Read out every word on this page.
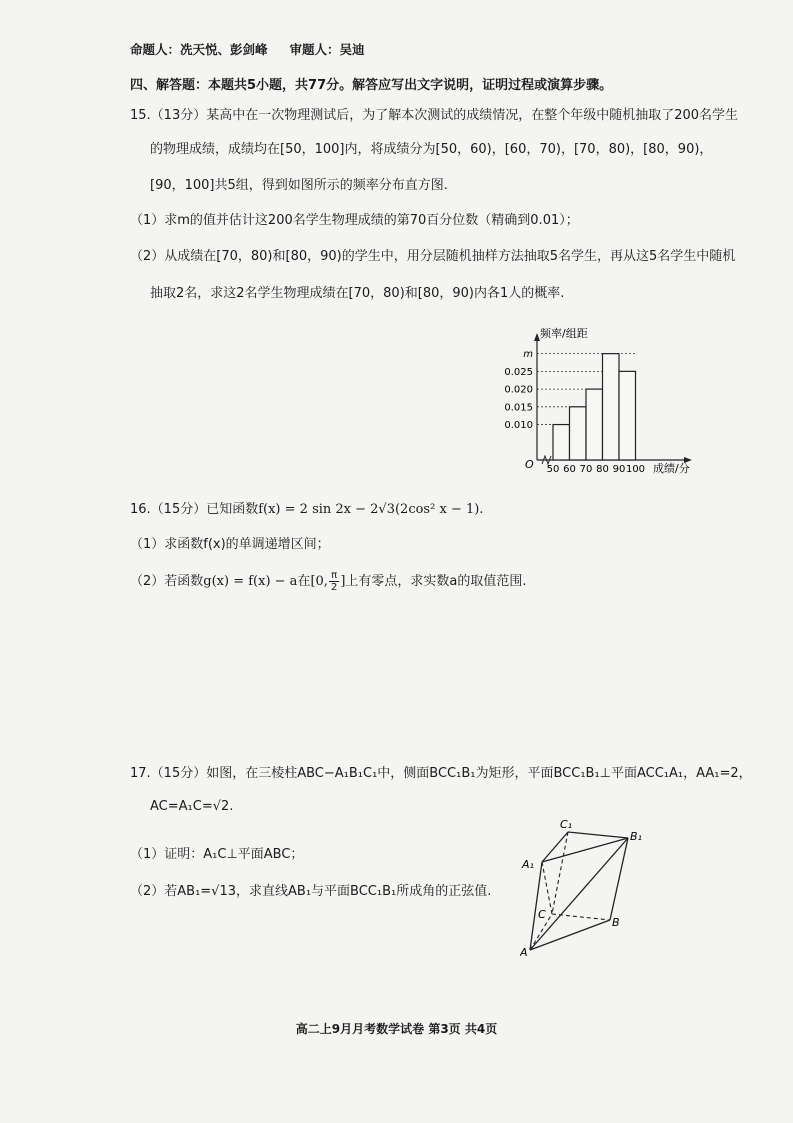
命题人：冼天悦、彭剑峰 审题人：吴迪
四、解答题：本题共5小题，共77分。解答应写出文字说明，证明过程或演算步骤。
15.（13分）某高中在一次物理测试后，为了解本次测试的成绩情况，在整个年级中随机抽取了200名学生
的物理成绩，成绩均在[50，100]内，将成绩分为[50，60)，[60，70)，[70，80)，[80，90)，
[90，100]共5组，得到如图所示的频率分布直方图.
（1）求m的值并估计这200名学生物理成绩的第70百分位数（精确到0.01）；
（2）从成绩在[70，80)和[80，90)的学生中，用分层随机抽样方法抽取5名学生，再从这5名学生中随机
抽取2名，求这2名学生物理成绩在[70，80)和[80，90)内各1人的概率.
0.010
0.015
0.020
0.025
m
50 60 70 80 90 100
频率/组距
成绩/分
O
16.（15分）已知函数f(x) = 2 sin 2x − 2√3(2cos² x − 1).
（1）求函数f(x)的单调递增区间；
（2）若函数g(x) = f(x) − a在[0, $\frac{\pi}{2}$ ]上有零点，求实数a的取值范围.
17.（15分）如图，在三棱柱ABC−A₁B₁C₁中，侧面BCC₁B₁为矩形，平面BCC₁B₁⊥平面ACC₁A₁，AA₁=2，
AC=A₁C=√2.
（1）证明：A₁C⊥平面ABC；
（2）若AB₁=√13，求直线AB₁与平面BCC₁B₁所成角的正弦值.
C₁
B₁
A₁
C
B
A
高二上9月月考数学试卷 第3页 共4页
